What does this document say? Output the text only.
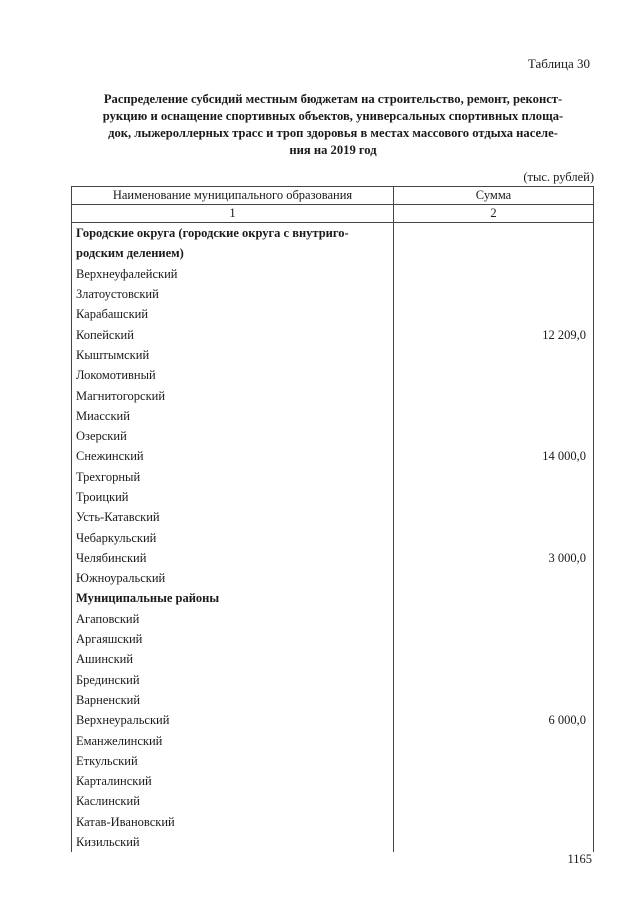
Таблица 30
Распределение субсидий местным бюджетам на строительство, ремонт, реконст-
рукцию и оснащение спортивных объектов, универсальных спортивных площа-
док, лыжероллерных трасс и троп здоровья в местах массового отдыха населе-
ния на 2019 год
(тыс. рублей)
Наименование муниципального образования	Сумма
1	2
Городские округа (городские округа с внутриго-	
родским делением)	
Верхнеуфалейский	
Златоустовский	
Карабашский	
Копейский	12 209,0
Кыштымский	
Локомотивный	
Магнитогорский	
Миасский	
Озерский	
Снежинский	14 000,0
Трехгорный	
Троицкий	
Усть-Катавский	
Чебаркульский	
Челябинский	3 000,0
Южноуральский	
Муниципальные районы	
Агаповский	
Аргаяшский	
Ашинский	
Брединский	
Варненский	
Верхнеуральский	6 000,0
Еманжелинский	
Еткульский	
Карталинский	
Каслинский	
Катав-Ивановский	
Кизильский	
1165
